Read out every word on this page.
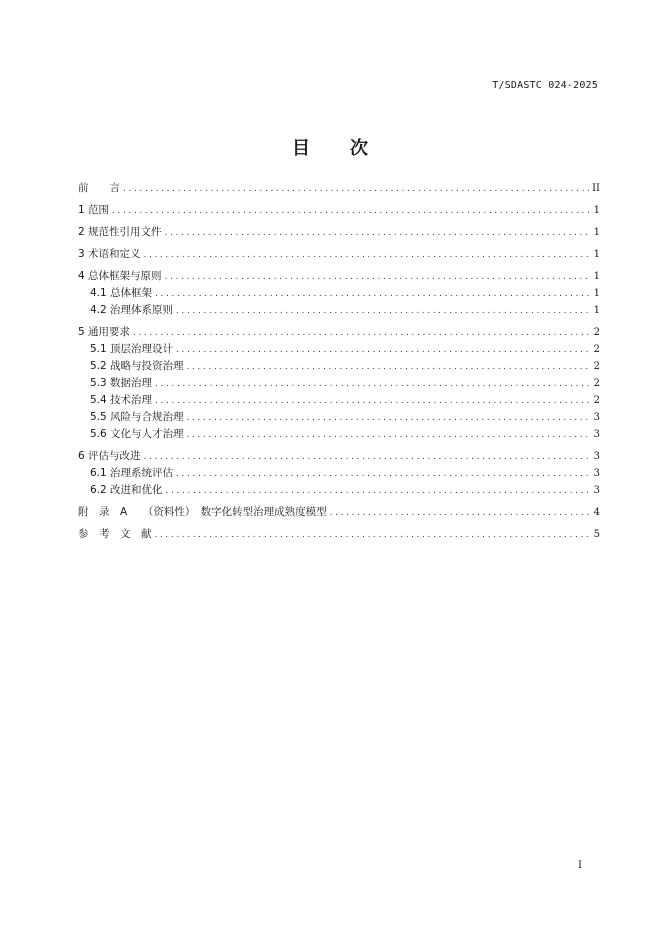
T/SDASTC 024-2025
目 次
前　　言 .....	II
1 范围 .....	1
2 规范性引用文件 .....	1
3 术语和定义 .....	1
4 总体框架与原则 .....	1
4.1 总体框架 .....	1
4.2 治理体系原则 .....	1
5 通用要求 .....	2
5.1 顶层治理设计 .....	2
5.2 战略与投资治理 .....	2
5.3 数据治理 .....	2
5.4 技术治理 .....	2
5.5 风险与合规治理 .....	3
5.6 文化与人才治理 .....	3
6 评估与改进 .....	3
6.1 治理系统评估 .....	3
6.2 改进和优化 .....	3
附　录　A　　（资料性）　数字化转型治理成熟度模型 .....	4
参　考　文　献 .....	5
I
